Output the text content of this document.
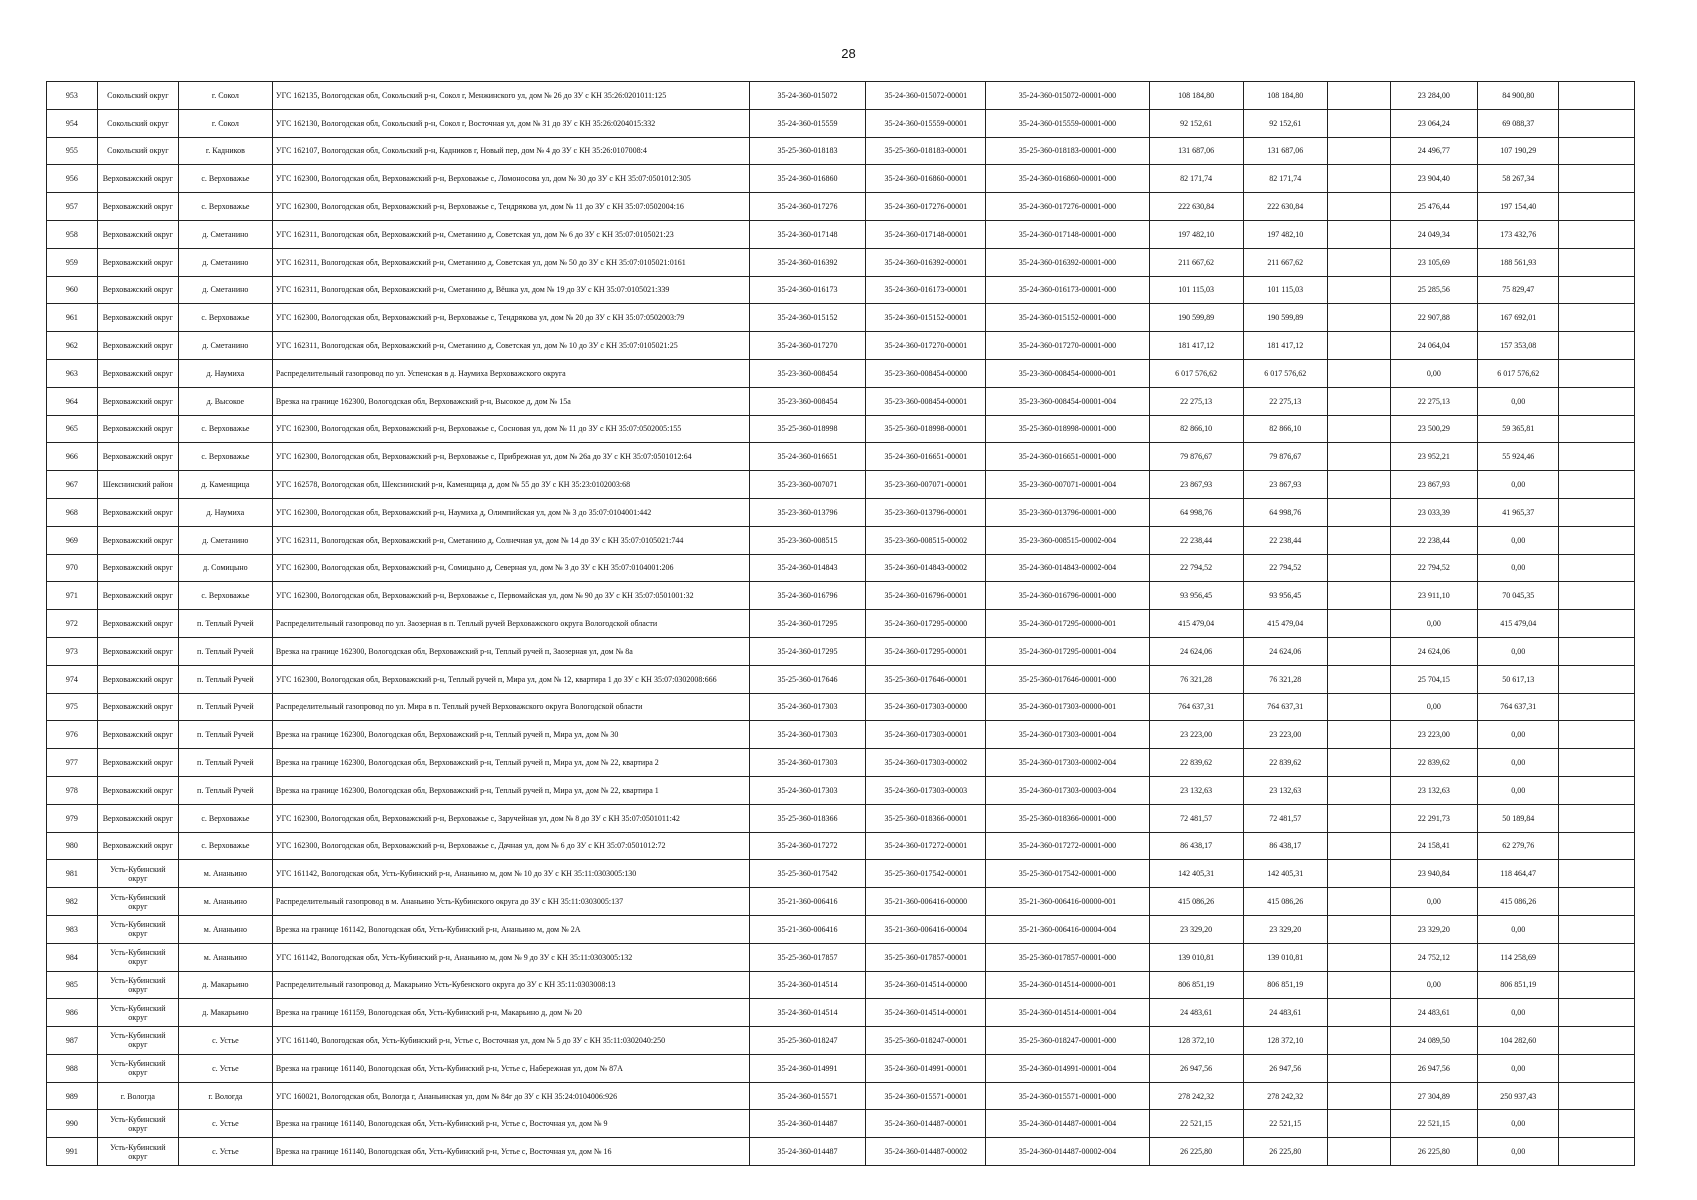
28
953	Сокольский округ	г. Сокол	УГС 162135, Вологодская обл, Сокольский р-н, Сокол г, Менжинского ул, дом № 26 до ЗУ с КН 35:26:0201011:125	35-24-360-015072	35-24-360-015072-00001	35-24-360-015072-00001-000	108 184,80	108 184,80		23 284,00	84 900,80	
954	Сокольский округ	г. Сокол	УГС 162130, Вологодская обл, Сокольский р-н, Сокол г, Восточная ул, дом № 31 до ЗУ с КН 35:26:0204015:332	35-24-360-015559	35-24-360-015559-00001	35-24-360-015559-00001-000	92 152,61	92 152,61		23 064,24	69 088,37	
955	Сокольский округ	г. Кадников	УГС 162107, Вологодская обл, Сокольский р-н, Кадников г, Новый пер, дом № 4 до ЗУ с КН 35:26:0107008:4	35-25-360-018183	35-25-360-018183-00001	35-25-360-018183-00001-000	131 687,06	131 687,06		24 496,77	107 190,29	
956	Верховажский округ	с. Верховажье	УГС 162300, Вологодская обл, Верховажский р-н, Верховажье с, Ломоносова ул, дом № 30 до ЗУ с КН 35:07:0501012:305	35-24-360-016860	35-24-360-016860-00001	35-24-360-016860-00001-000	82 171,74	82 171,74		23 904,40	58 267,34	
957	Верховажский округ	с. Верховажье	УГС 162300, Вологодская обл, Верховажский р-н, Верховажье с, Тендрякова ул, дом № 11 до ЗУ с КН 35:07:0502004:16	35-24-360-017276	35-24-360-017276-00001	35-24-360-017276-00001-000	222 630,84	222 630,84		25 476,44	197 154,40	
958	Верховажский округ	д. Сметанино	УГС 162311, Вологодская обл, Верховажский р-н, Сметанино д, Советская ул, дом № 6 до ЗУ с КН 35:07:0105021:23	35-24-360-017148	35-24-360-017148-00001	35-24-360-017148-00001-000	197 482,10	197 482,10		24 049,34	173 432,76	
959	Верховажский округ	д. Сметанино	УГС 162311, Вологодская обл, Верховажский р-н, Сметанино д, Советская ул, дом № 50 до ЗУ с КН 35:07:0105021:0161	35-24-360-016392	35-24-360-016392-00001	35-24-360-016392-00001-000	211 667,62	211 667,62		23 105,69	188 561,93	
960	Верховажский округ	д. Сметанино	УГС 162311, Вологодская обл, Верховажский р-н, Сметанино д, Вёшка ул, дом № 19 до ЗУ с КН 35:07:0105021:339	35-24-360-016173	35-24-360-016173-00001	35-24-360-016173-00001-000	101 115,03	101 115,03		25 285,56	75 829,47	
961	Верховажский округ	с. Верховажье	УГС 162300, Вологодская обл, Верховажский р-н, Верховажье с, Тендрякова ул, дом № 20 до ЗУ с КН 35:07:0502003:79	35-24-360-015152	35-24-360-015152-00001	35-24-360-015152-00001-000	190 599,89	190 599,89		22 907,88	167 692,01	
962	Верховажский округ	д. Сметанино	УГС 162311, Вологодская обл, Верховажский р-н, Сметанино д, Советская ул, дом № 10 до ЗУ с КН 35:07:0105021:25	35-24-360-017270	35-24-360-017270-00001	35-24-360-017270-00001-000	181 417,12	181 417,12		24 064,04	157 353,08	
963	Верховажский округ	д. Наумиха	Распределительный газопровод по ул. Успенская в д. Наумиха Верховажского округа	35-23-360-008454	35-23-360-008454-00000	35-23-360-008454-00000-001	6 017 576,62	6 017 576,62		0,00	6 017 576,62	
964	Верховажский округ	д. Высокое	Врезка на границе 162300, Вологодская обл, Верховажский р-н, Высокое д, дом № 15а	35-23-360-008454	35-23-360-008454-00001	35-23-360-008454-00001-004	22 275,13	22 275,13		22 275,13	0,00	
965	Верховажский округ	с. Верховажье	УГС 162300, Вологодская обл, Верховажский р-н, Верховажье с, Сосновая ул, дом № 11 до ЗУ с КН 35:07:0502005:155	35-25-360-018998	35-25-360-018998-00001	35-25-360-018998-00001-000	82 866,10	82 866,10		23 500,29	59 365,81	
966	Верховажский округ	с. Верховажье	УГС 162300, Вологодская обл, Верховажский р-н, Верховажье с, Прибрежная ул, дом № 26а до ЗУ с КН 35:07:0501012:64	35-24-360-016651	35-24-360-016651-00001	35-24-360-016651-00001-000	79 876,67	79 876,67		23 952,21	55 924,46	
967	Шекснинский район	д. Каменщица	УГС 162578, Вологодская обл, Шекснинский р-н, Каменщица д, дом № 55 до ЗУ с КН 35:23:0102003:68	35-23-360-007071	35-23-360-007071-00001	35-23-360-007071-00001-004	23 867,93	23 867,93		23 867,93	0,00	
968	Верховажский округ	д. Наумиха	УГС 162300, Вологодская обл, Верховажский р-н, Наумиха д, Олимпийская ул, дом № 3 до 35:07:0104001:442	35-23-360-013796	35-23-360-013796-00001	35-23-360-013796-00001-000	64 998,76	64 998,76		23 033,39	41 965,37	
969	Верховажский округ	д. Сметанино	УГС 162311, Вологодская обл, Верховажский р-н, Сметанино д, Солнечная ул, дом № 14 до ЗУ с КН 35:07:0105021:744	35-23-360-008515	35-23-360-008515-00002	35-23-360-008515-00002-004	22 238,44	22 238,44		22 238,44	0,00	
970	Верховажский округ	д. Сомицыно	УГС 162300, Вологодская обл, Верховажский р-н, Сомицыно д, Северная ул, дом № 3 до ЗУ с КН 35:07:0104001:206	35-24-360-014843	35-24-360-014843-00002	35-24-360-014843-00002-004	22 794,52	22 794,52		22 794,52	0,00	
971	Верховажский округ	с. Верховажье	УГС 162300, Вологодская обл, Верховажский р-н, Верховажье с, Первомайская ул, дом № 90 до ЗУ с КН 35:07:0501001:32	35-24-360-016796	35-24-360-016796-00001	35-24-360-016796-00001-000	93 956,45	93 956,45		23 911,10	70 045,35	
972	Верховажский округ	п. Теплый Ручей	Распределительный газопровод по ул. Заозерная в п. Теплый ручей Верховажского округа Вологодской области	35-24-360-017295	35-24-360-017295-00000	35-24-360-017295-00000-001	415 479,04	415 479,04		0,00	415 479,04	
973	Верховажский округ	п. Теплый Ручей	Врезка на границе 162300, Вологодская обл, Верховажский р-н, Теплый ручей п, Заозерная ул, дом № 8а	35-24-360-017295	35-24-360-017295-00001	35-24-360-017295-00001-004	24 624,06	24 624,06		24 624,06	0,00	
974	Верховажский округ	п. Теплый Ручей	УГС 162300, Вологодская обл, Верховажский р-н, Теплый ручей п, Мира ул, дом № 12, квартира 1 до ЗУ с КН 35:07:0302008:666	35-25-360-017646	35-25-360-017646-00001	35-25-360-017646-00001-000	76 321,28	76 321,28		25 704,15	50 617,13	
975	Верховажский округ	п. Теплый Ручей	Распределительный газопровод по ул. Мира в п. Теплый ручей Верховажского округа Вологодской области	35-24-360-017303	35-24-360-017303-00000	35-24-360-017303-00000-001	764 637,31	764 637,31		0,00	764 637,31	
976	Верховажский округ	п. Теплый Ручей	Врезка на границе 162300, Вологодская обл, Верховажский р-н, Теплый ручей п, Мира ул, дом № 30	35-24-360-017303	35-24-360-017303-00001	35-24-360-017303-00001-004	23 223,00	23 223,00		23 223,00	0,00	
977	Верховажский округ	п. Теплый Ручей	Врезка на границе 162300, Вологодская обл, Верховажский р-н, Теплый ручей п, Мира ул, дом № 22, квартира 2	35-24-360-017303	35-24-360-017303-00002	35-24-360-017303-00002-004	22 839,62	22 839,62		22 839,62	0,00	
978	Верховажский округ	п. Теплый Ручей	Врезка на границе 162300, Вологодская обл, Верховажский р-н, Теплый ручей п, Мира ул, дом № 22, квартира 1	35-24-360-017303	35-24-360-017303-00003	35-24-360-017303-00003-004	23 132,63	23 132,63		23 132,63	0,00	
979	Верховажский округ	с. Верховажье	УГС 162300, Вологодская обл, Верховажский р-н, Верховажье с, Заручейная ул, дом № 8 до ЗУ с КН 35:07:0501011:42	35-25-360-018366	35-25-360-018366-00001	35-25-360-018366-00001-000	72 481,57	72 481,57		22 291,73	50 189,84	
980	Верховажский округ	с. Верховажье	УГС 162300, Вологодская обл, Верховажский р-н, Верховажье с, Дачная ул, дом № 6 до ЗУ с КН 35:07:0501012:72	35-24-360-017272	35-24-360-017272-00001	35-24-360-017272-00001-000	86 438,17	86 438,17		24 158,41	62 279,76	
981	Усть-Кубинский округ	м. Ананьино	УГС 161142, Вологодская обл, Усть-Кубинский р-н, Ананьино м, дом № 10 до ЗУ с КН 35:11:0303005:130	35-25-360-017542	35-25-360-017542-00001	35-25-360-017542-00001-000	142 405,31	142 405,31		23 940,84	118 464,47	
982	Усть-Кубинский округ	м. Ананьино	Распределительный газопровод в м. Ананьино Усть-Кубинского округа до ЗУ с КН 35:11:0303005:137	35-21-360-006416	35-21-360-006416-00000	35-21-360-006416-00000-001	415 086,26	415 086,26		0,00	415 086,26	
983	Усть-Кубинский округ	м. Ананьино	Врезка на границе 161142, Вологодская обл, Усть-Кубинский р-н, Ананьино м, дом № 2А	35-21-360-006416	35-21-360-006416-00004	35-21-360-006416-00004-004	23 329,20	23 329,20		23 329,20	0,00	
984	Усть-Кубинский округ	м. Ананьино	УГС 161142, Вологодская обл, Усть-Кубинский р-н, Ананьино м, дом № 9 до ЗУ с КН 35:11:0303005:132	35-25-360-017857	35-25-360-017857-00001	35-25-360-017857-00001-000	139 010,81	139 010,81		24 752,12	114 258,69	
985	Усть-Кубинский округ	д. Макарьино	Распределительный газопровод д. Макарьино Усть-Кубенского округа до ЗУ с КН 35:11:0303008:13	35-24-360-014514	35-24-360-014514-00000	35-24-360-014514-00000-001	806 851,19	806 851,19		0,00	806 851,19	
986	Усть-Кубинский округ	д. Макарьино	Врезка на границе 161159, Вологодская обл, Усть-Кубинский р-н, Макарьино д, дом № 20	35-24-360-014514	35-24-360-014514-00001	35-24-360-014514-00001-004	24 483,61	24 483,61		24 483,61	0,00	
987	Усть-Кубинский округ	с. Устье	УГС 161140, Вологодская обл, Усть-Кубинский р-н, Устье с, Восточная ул, дом № 5 до ЗУ с КН 35:11:0302040:250	35-25-360-018247	35-25-360-018247-00001	35-25-360-018247-00001-000	128 372,10	128 372,10		24 089,50	104 282,60	
988	Усть-Кубинский округ	с. Устье	Врезка на границе 161140, Вологодская обл, Усть-Кубинский р-н, Устье с, Набережная ул, дом № 87А	35-24-360-014991	35-24-360-014991-00001	35-24-360-014991-00001-004	26 947,56	26 947,56		26 947,56	0,00	
989	г. Вологда	г. Вологда	УГС 160021, Вологодская обл, Вологда г, Ананьинская ул, дом № 84г до ЗУ с КН 35:24:0104006:926	35-24-360-015571	35-24-360-015571-00001	35-24-360-015571-00001-000	278 242,32	278 242,32		27 304,89	250 937,43	
990	Усть-Кубинский округ	с. Устье	Врезка на границе 161140, Вологодская обл, Усть-Кубинский р-н, Устье с, Восточная ул, дом № 9	35-24-360-014487	35-24-360-014487-00001	35-24-360-014487-00001-004	22 521,15	22 521,15		22 521,15	0,00	
991	Усть-Кубинский округ	с. Устье	Врезка на границе 161140, Вологодская обл, Усть-Кубинский р-н, Устье с, Восточная ул, дом № 16	35-24-360-014487	35-24-360-014487-00002	35-24-360-014487-00002-004	26 225,80	26 225,80		26 225,80	0,00	
